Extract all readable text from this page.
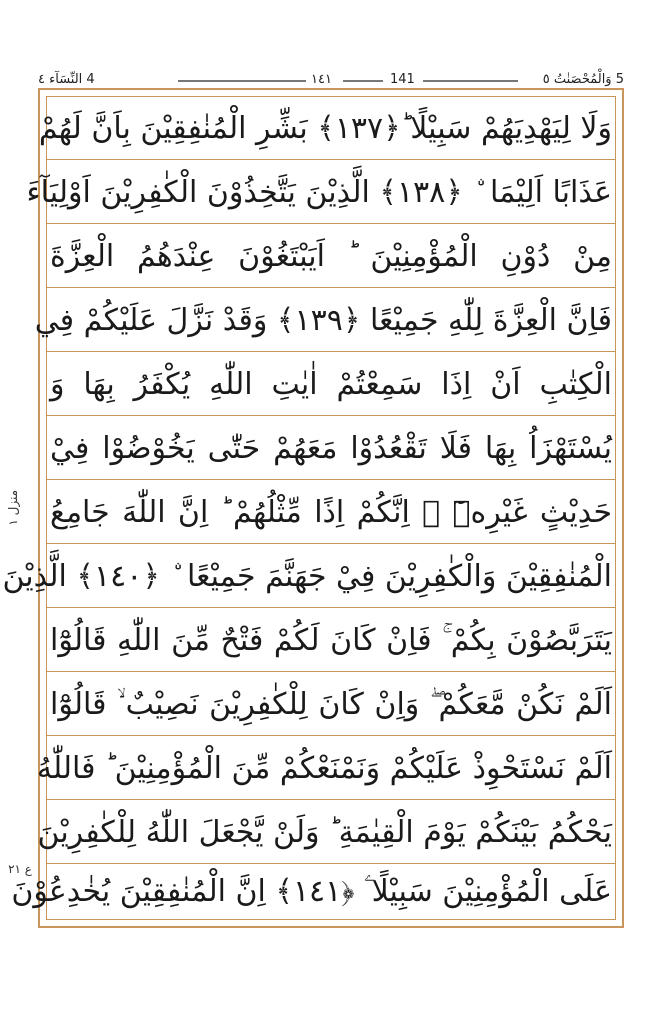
5 وَالْمُحْصَنٰتُ ٥
١٤١	141
4 النِّسَآء ٤
وَلَا لِيَهْدِيَهُمْ سَبِيْلًا ؕ﴿١٣٧﴾ بَشِّرِ الْمُنٰفِقِيْنَ بِاَنَّ لَهُمْ
عَذَابًا اَلِيْمَا ۨ ﴿١٣٨﴾ الَّذِيْنَ يَتَّخِذُوْنَ الْكٰفِرِيْنَ اَوْلِيَآءَ
مِنْ دُوْنِ الْمُؤْمِنِيْنَ ؕ اَيَبْتَغُوْنَ عِنْدَهُمُ الْعِزَّةَ
فَاِنَّ الْعِزَّةَ لِلّٰهِ جَمِيْعًا ﴿١٣٩﴾ وَقَدْ نَزَّلَ عَلَيْكُمْ فِي
الْكِتٰبِ اَنْ اِذَا سَمِعْتُمْ اٰيٰتِ اللّٰهِ يُكْفَرُ بِهَا وَ
يُسْتَهْزَاُ بِهَا فَلَا تَقْعُدُوْا مَعَهُمْ حَتّٰى يَخُوْضُوْا فِيْ
حَدِيْثٍ غَيْرِهٖٓ ۖ اِنَّكُمْ اِذًا مِّثْلُهُمْ ؕ اِنَّ اللّٰهَ جَامِعُ
الْمُنٰفِقِيْنَ وَالْكٰفِرِيْنَ فِيْ جَهَنَّمَ جَمِيْعًا ۨ ﴿١٤٠﴾ الَّذِيْنَ
يَتَرَبَّصُوْنَ بِكُمْ ۚ فَاِنْ كَانَ لَكُمْ فَتْحٌ مِّنَ اللّٰهِ قَالُوْٓا
اَلَمْ نَكُنْ مَّعَكُمْ ۖ وَاِنْ كَانَ لِلْكٰفِرِيْنَ نَصِيْبٌ ۙ قَالُوْٓا
اَلَمْ نَسْتَحْوِذْ عَلَيْكُمْ وَنَمْنَعْكُمْ مِّنَ الْمُؤْمِنِيْنَ ؕ فَاللّٰهُ
يَحْكُمُ بَيْنَكُمْ يَوْمَ الْقِيٰمَةِ ؕ وَلَنْ يَّجْعَلَ اللّٰهُ لِلْكٰفِرِيْنَ
عَلَى الْمُؤْمِنِيْنَ سَبِيْلًا ۧ ﴿١٤١﴾ اِنَّ الْمُنٰفِقِيْنَ يُخٰدِعُوْنَ
منزل ١
ع ٢١
